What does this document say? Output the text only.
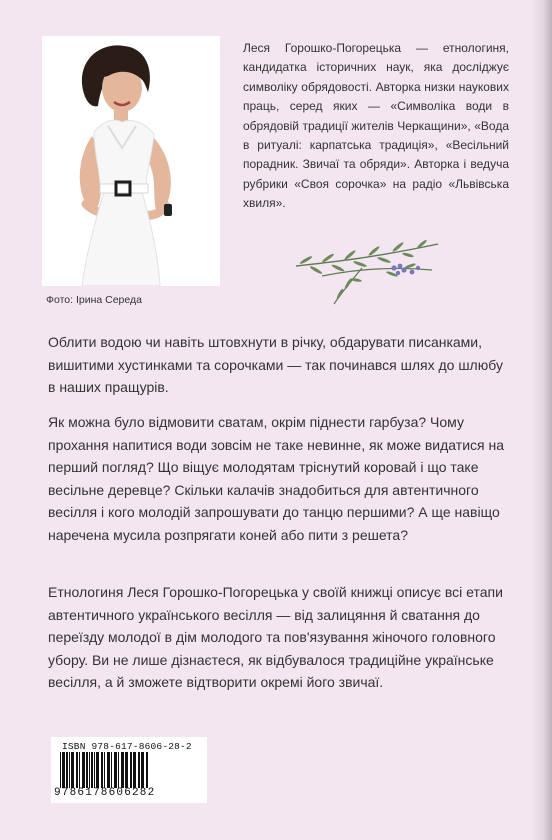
Фото: Ірина Середа

Леся Горошко-Погорецька — етнологиня, кандидатка історичних наук, яка досліджує символіку обрядовості. Авторка низки наукових праць, серед яких — «Символіка води в обрядовій традиції жителів Черкащини», «Вода в ритуалі: карпатська традиція», «Весільний порадник. Звичаї та обряди». Авторка і ведуча рубрики «Своя сорочка» на радіо «Львівська хвиля».

Облити водою чи навіть штовхнути в річку, обдарувати писанками, вишитими хустинками та сорочками — так починався шлях до шлюбу в наших пращурів.

Як можна було відмовити сватам, окрім піднести гарбуза? Чому прохання напитися води зовсім не таке невинне, як може видатися на перший погляд? Що віщує молодятам тріснутий коровай і що таке весільне деревце? Скільки калачів знадобиться для автентичного весілля і кого молодій запрошувати до танцю першими? А ще навіщо наречена мусила розпрягати коней або пити з решета?

Етнологиня Леся Горошко-Погорецька у своїй книжці описує всі етапи автентичного українського весілля — від залицяння й сватання до переїзду молодої в дім молодого та пов'язування жіночого головного убору. Ви не лише дізнаєтеся, як відбувалося традиційне українське весілля, а й зможете відтворити окремі його звичаї.

ISBN 978-617-8606-28-2
9786178606282
